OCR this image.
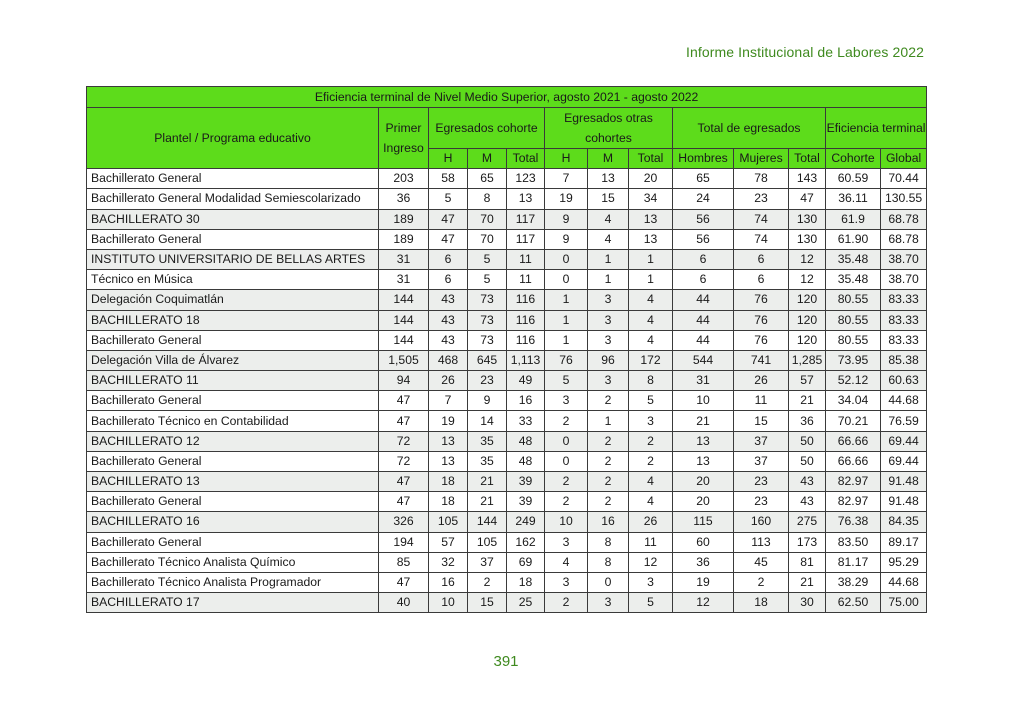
Informe Institucional de Labores 2022
Eficiencia terminal de Nivel Medio Superior, agosto 2021 - agosto 2022												
Plantel / Programa educativo	Primer Ingreso	Egresados cohorte			Egresados otras cohortes			Total de egresados			Eficiencia terminal	
		H	M	Total	H	M	Total	Hombres	Mujeres	Total	Cohorte	Global
Bachillerato General	203	58	65	123	7	13	20	65	78	143	60.59	70.44
Bachillerato General Modalidad Semiescolarizado	36	5	8	13	19	15	34	24	23	47	36.11	130.55
BACHILLERATO 30	189	47	70	117	9	4	13	56	74	130	61.9	68.78
Bachillerato General	189	47	70	117	9	4	13	56	74	130	61.90	68.78
INSTITUTO UNIVERSITARIO DE BELLAS ARTES	31	6	5	11	0	1	1	6	6	12	35.48	38.70
Técnico en Música	31	6	5	11	0	1	1	6	6	12	35.48	38.70
Delegación Coquimatlán	144	43	73	116	1	3	4	44	76	120	80.55	83.33
BACHILLERATO 18	144	43	73	116	1	3	4	44	76	120	80.55	83.33
Bachillerato General	144	43	73	116	1	3	4	44	76	120	80.55	83.33
Delegación Villa de Álvarez	1,505	468	645	1,113	76	96	172	544	741	1,285	73.95	85.38
BACHILLERATO 11	94	26	23	49	5	3	8	31	26	57	52.12	60.63
Bachillerato General	47	7	9	16	3	2	5	10	11	21	34.04	44.68
Bachillerato Técnico en Contabilidad	47	19	14	33	2	1	3	21	15	36	70.21	76.59
BACHILLERATO 12	72	13	35	48	0	2	2	13	37	50	66.66	69.44
Bachillerato General	72	13	35	48	0	2	2	13	37	50	66.66	69.44
BACHILLERATO 13	47	18	21	39	2	2	4	20	23	43	82.97	91.48
Bachillerato General	47	18	21	39	2	2	4	20	23	43	82.97	91.48
BACHILLERATO 16	326	105	144	249	10	16	26	115	160	275	76.38	84.35
Bachillerato General	194	57	105	162	3	8	11	60	113	173	83.50	89.17
Bachillerato Técnico Analista Químico	85	32	37	69	4	8	12	36	45	81	81.17	95.29
Bachillerato Técnico Analista Programador	47	16	2	18	3	0	3	19	2	21	38.29	44.68
BACHILLERATO 17	40	10	15	25	2	3	5	12	18	30	62.50	75.00
391
